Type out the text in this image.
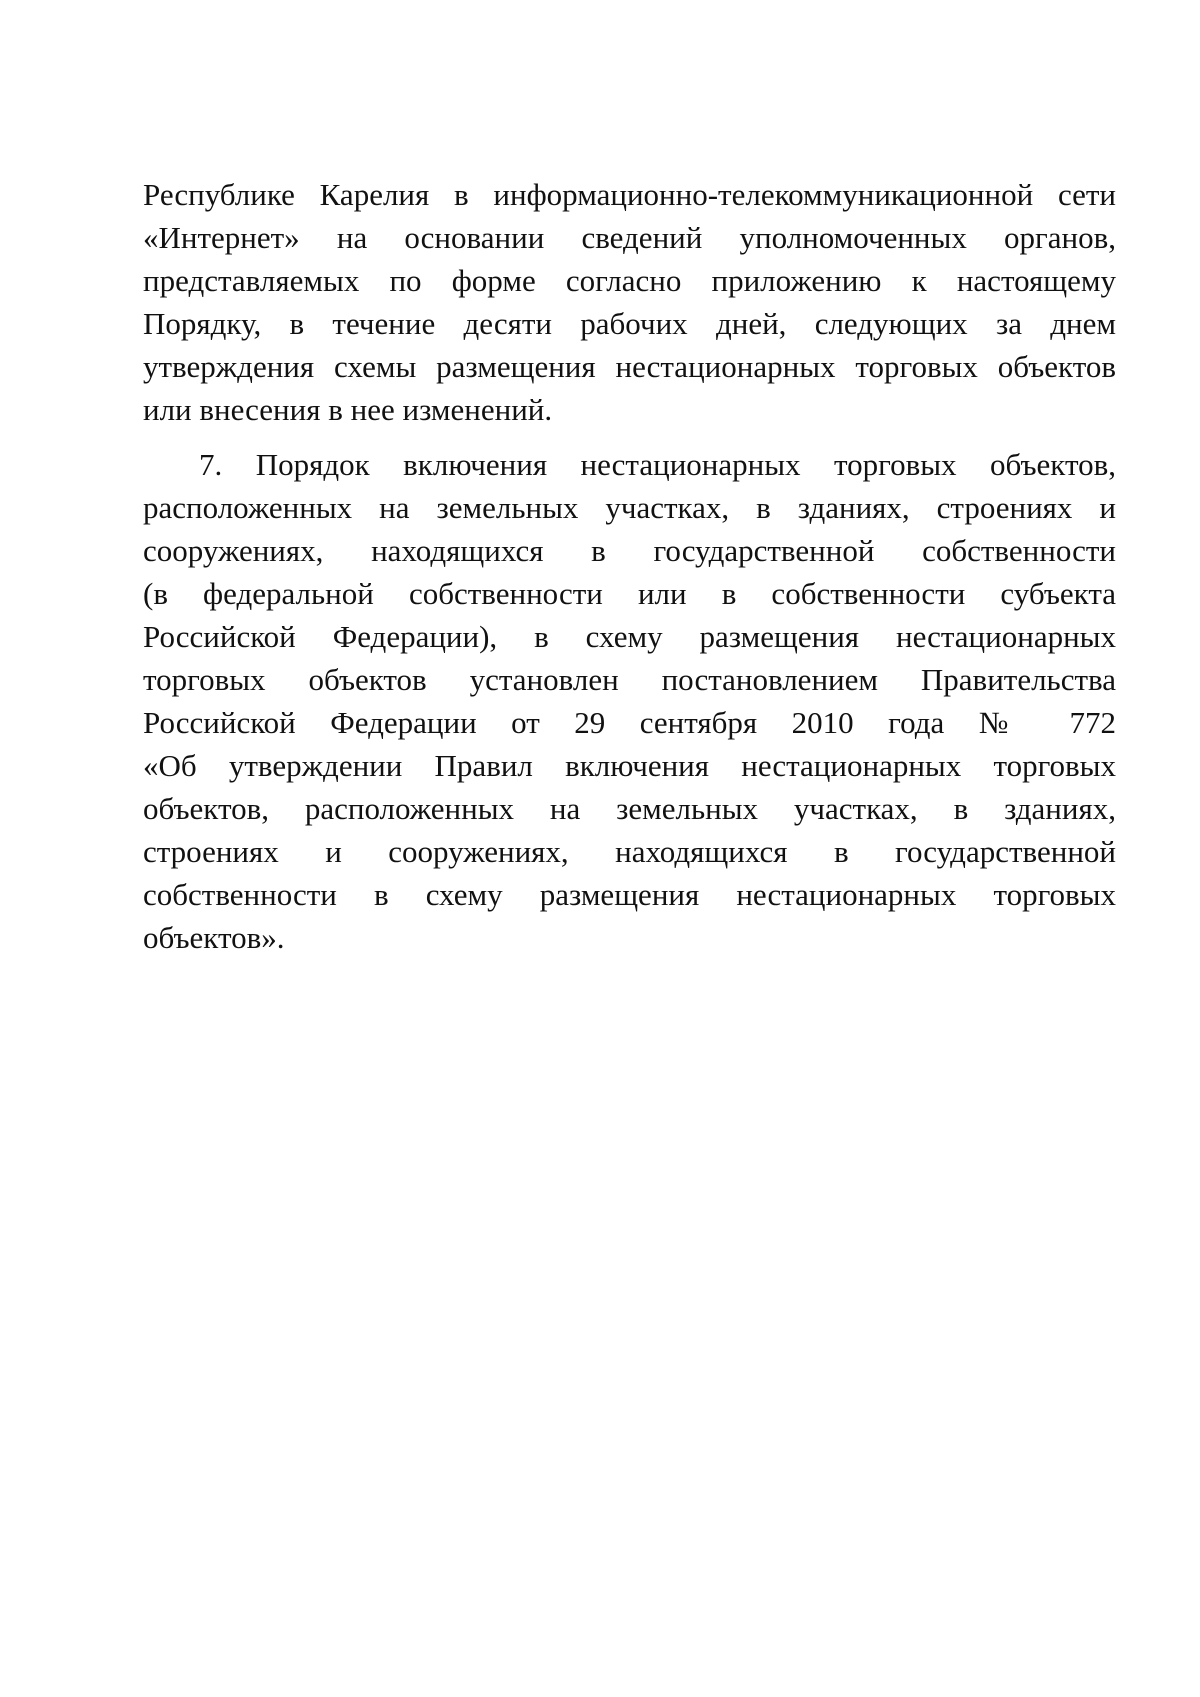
Республике Карелия в информационно-телекоммуникационной сети
«Интернет» на основании сведений уполномоченных органов,
представляемых по форме согласно приложению к настоящему
Порядку, в течение десяти рабочих дней, следующих за днем
утверждения схемы размещения нестационарных торговых объектов
или внесения в нее изменений.
7. Порядок включения нестационарных торговых объектов,
расположенных на земельных участках, в зданиях, строениях и
сооружениях, находящихся в государственной собственности
(в федеральной собственности или в собственности субъекта
Российской Федерации), в схему размещения нестационарных
торговых объектов установлен постановлением Правительства
Российской Федерации от 29 сентября 2010 года № 772
«Об утверждении Правил включения нестационарных торговых
объектов, расположенных на земельных участках, в зданиях,
строениях и сооружениях, находящихся в государственной
собственности в схему размещения нестационарных торговых
объектов».
